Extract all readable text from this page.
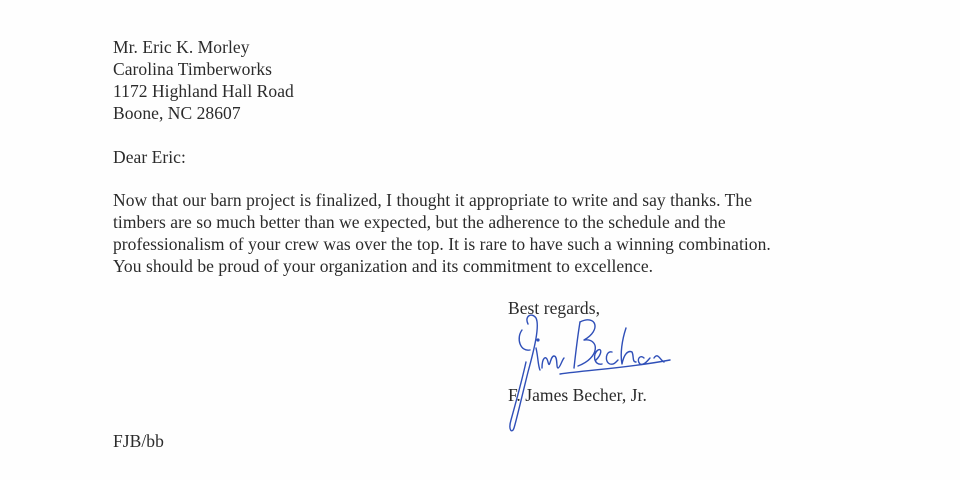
Mr. Eric K. Morley
Carolina Timberworks
1172 Highland Hall Road
Boone, NC 28607
Dear Eric:
Now that our barn project is finalized, I thought it appropriate to write and say thanks. The
timbers are so much better than we expected, but the adherence to the schedule and the
professionalism of your crew was over the top. It is rare to have such a winning combination.
You should be proud of your organization and its commitment to excellence.
Best regards,
F. James Becher, Jr.
FJB/bb
